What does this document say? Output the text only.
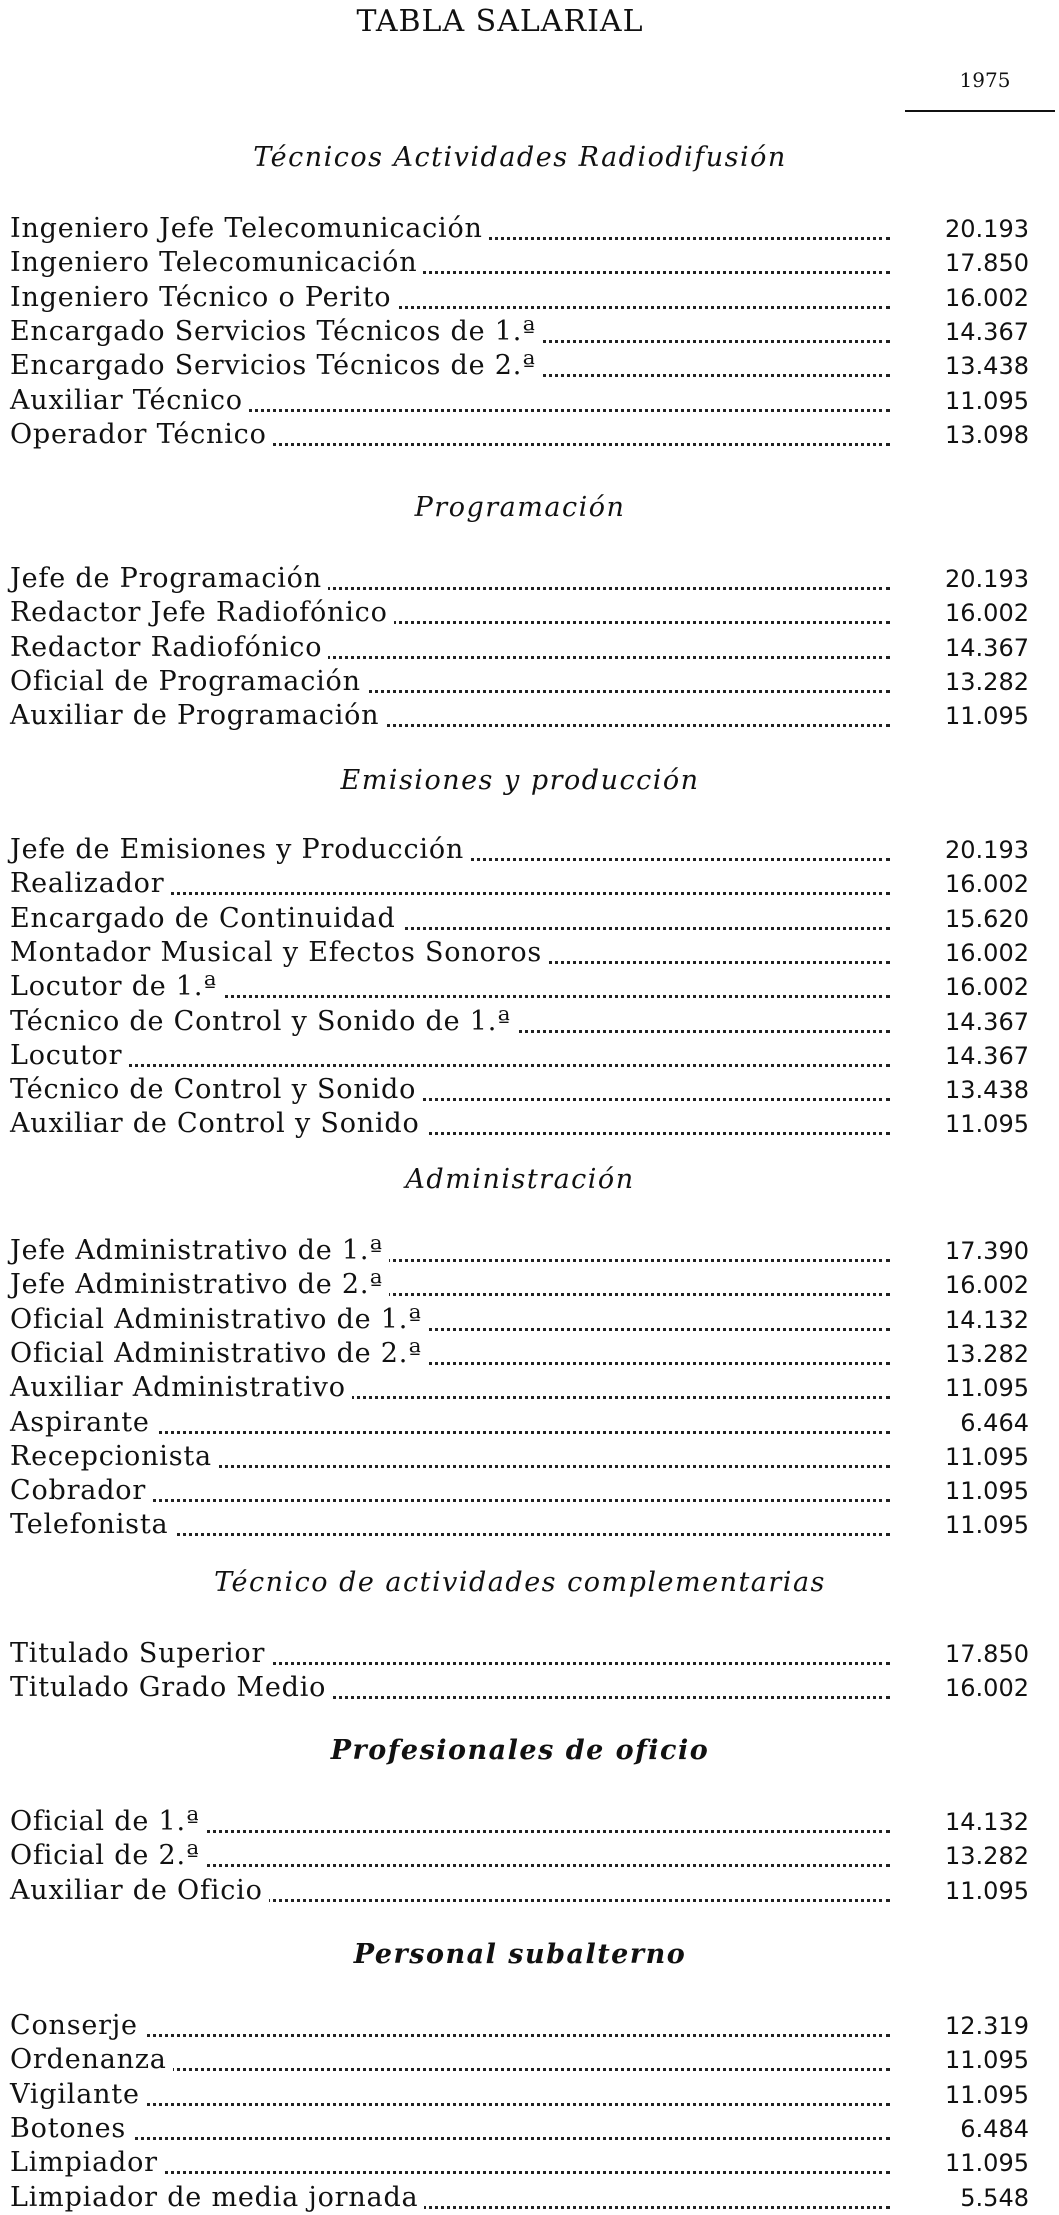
TABLA SALARIAL
1975
Técnicos Actividades Radiodifusión
Ingeniero Jefe Telecomunicación	20.193
Ingeniero Telecomunicación	17.850
Ingeniero Técnico o Perito	16.002
Encargado Servicios Técnicos de 1.ª	14.367
Encargado Servicios Técnicos de 2.ª	13.438
Auxiliar Técnico	11.095
Operador Técnico	13.098
Programación
Jefe de Programación	20.193
Redactor Jefe Radiofónico	16.002
Redactor Radiofónico	14.367
Oficial de Programación	13.282
Auxiliar de Programación	11.095
Emisiones y producción
Jefe de Emisiones y Producción	20.193
Realizador	16.002
Encargado de Continuidad	15.620
Montador Musical y Efectos Sonoros	16.002
Locutor de 1.ª	16.002
Técnico de Control y Sonido de 1.ª	14.367
Locutor	14.367
Técnico de Control y Sonido	13.438
Auxiliar de Control y Sonido	11.095
Administración
Jefe Administrativo de 1.ª	17.390
Jefe Administrativo de 2.ª	16.002
Oficial Administrativo de 1.ª	14.132
Oficial Administrativo de 2.ª	13.282
Auxiliar Administrativo	11.095
Aspirante	6.464
Recepcionista	11.095
Cobrador	11.095
Telefonista	11.095
Técnico de actividades complementarias
Titulado Superior	17.850
Titulado Grado Medio	16.002
Profesionales de oficio
Oficial de 1.ª	14.132
Oficial de 2.ª	13.282
Auxiliar de Oficio	11.095
Personal subalterno
Conserje	12.319
Ordenanza	11.095
Vigilante	11.095
Botones	6.484
Limpiador	11.095
Limpiador de media jornada	5.548
